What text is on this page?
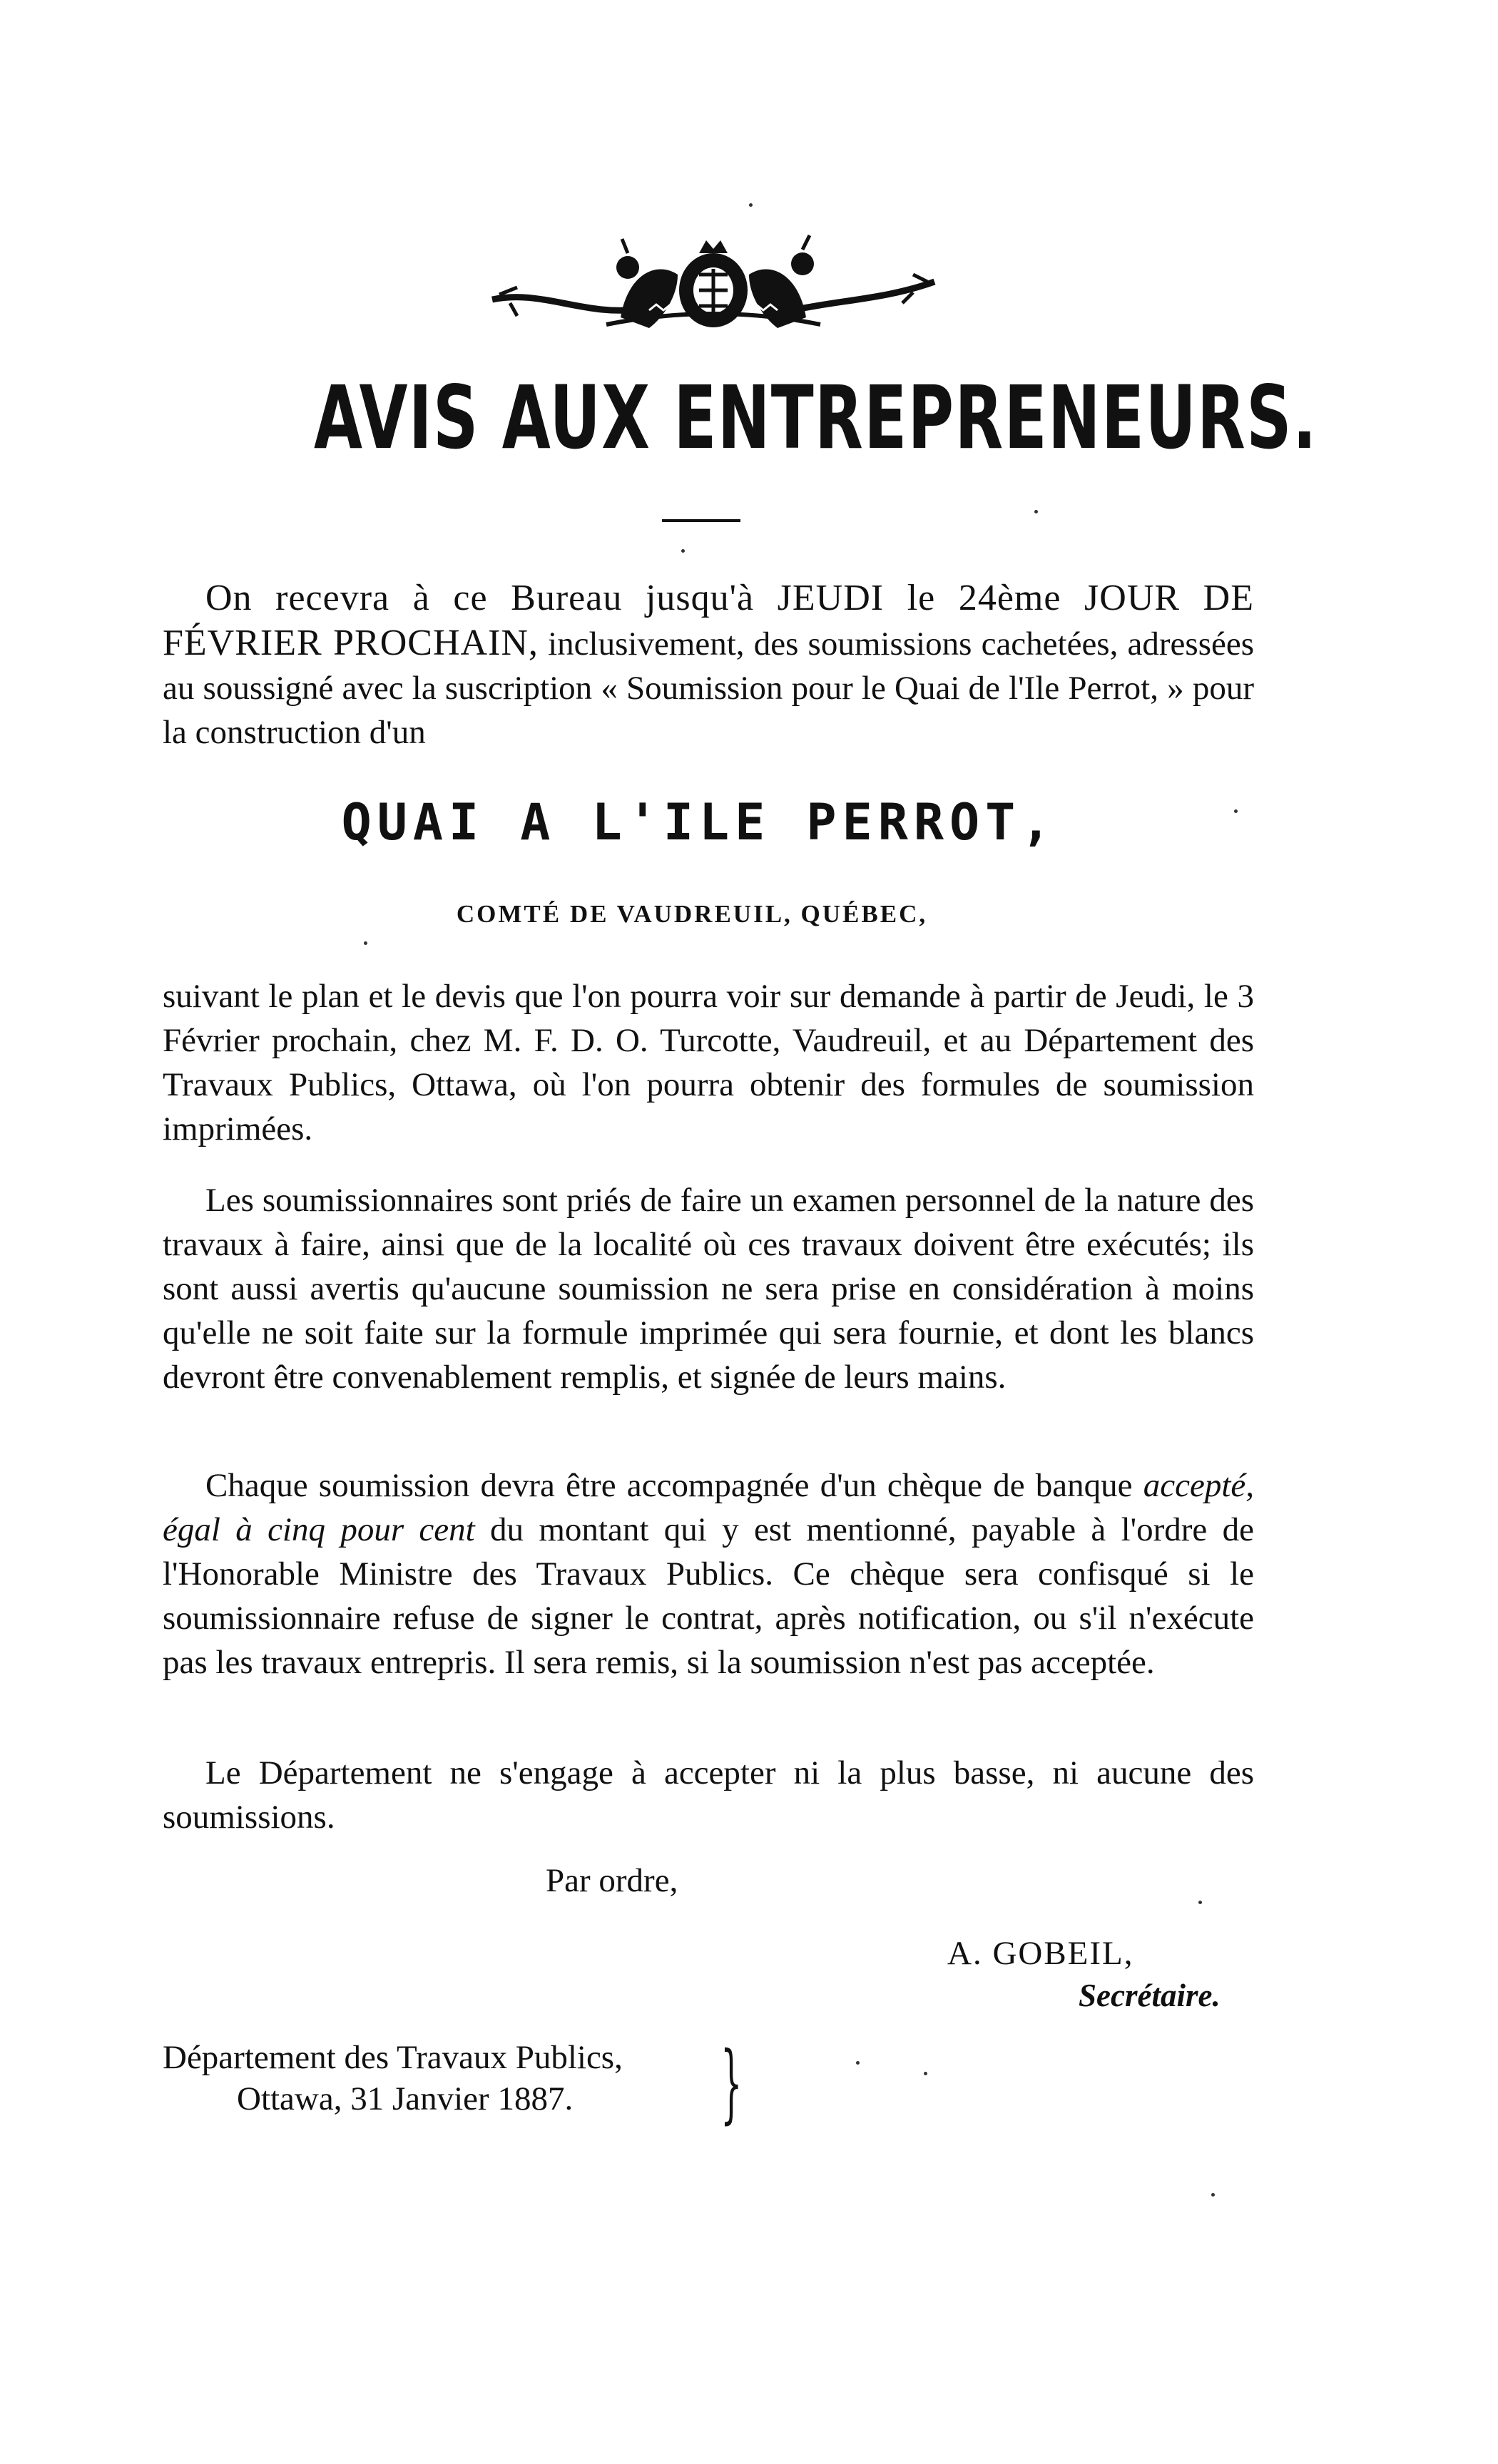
AVIS AUX ENTREPRENEURS.

On recevra à ce Bureau jusqu'à JEUDI le 24ème JOUR DE FÉVRIER PROCHAIN, inclusivement, des soumissions cachetées, adressées au soussigné avec la suscription « Soumission pour le Quai de l'Ile Perrot, » pour la construction d'un

QUAI A L'ILE PERROT,
COMTÉ DE VAUDREUIL, QUÉBEC,

suivant le plan et le devis que l'on pourra voir sur demande à partir de Jeudi, le 3 Février prochain, chez M. F. D. O. Turcotte, Vaudreuil, et au Département des Travaux Publics, Ottawa, où l'on pourra obtenir des formules de soumission imprimées.

Les soumissionnaires sont priés de faire un examen personnel de la nature des travaux à faire, ainsi que de la localité où ces travaux doivent être exécutés; ils sont aussi avertis qu'aucune soumission ne sera prise en considération à moins qu'elle ne soit faite sur la formule imprimée qui sera fournie, et dont les blancs devront être convenablement remplis, et signée de leurs mains.

Chaque soumission devra être accompagnée d'un chèque de banque accepté, égal à cinq pour cent du montant qui y est mentionné, payable à l'ordre de l'Honorable Ministre des Travaux Publics. Ce chèque sera confisqué si le soumissionnaire refuse de signer le contrat, après notification, ou s'il n'exécute pas les travaux entrepris. Il sera remis, si la soumission n'est pas acceptée.

Le Département ne s'engage à accepter ni la plus basse, ni aucune des soumissions.

Par ordre,
A. GOBEIL,
Secrétaire.
Département des Travaux Publics,
Ottawa, 31 Janvier 1887.	}
